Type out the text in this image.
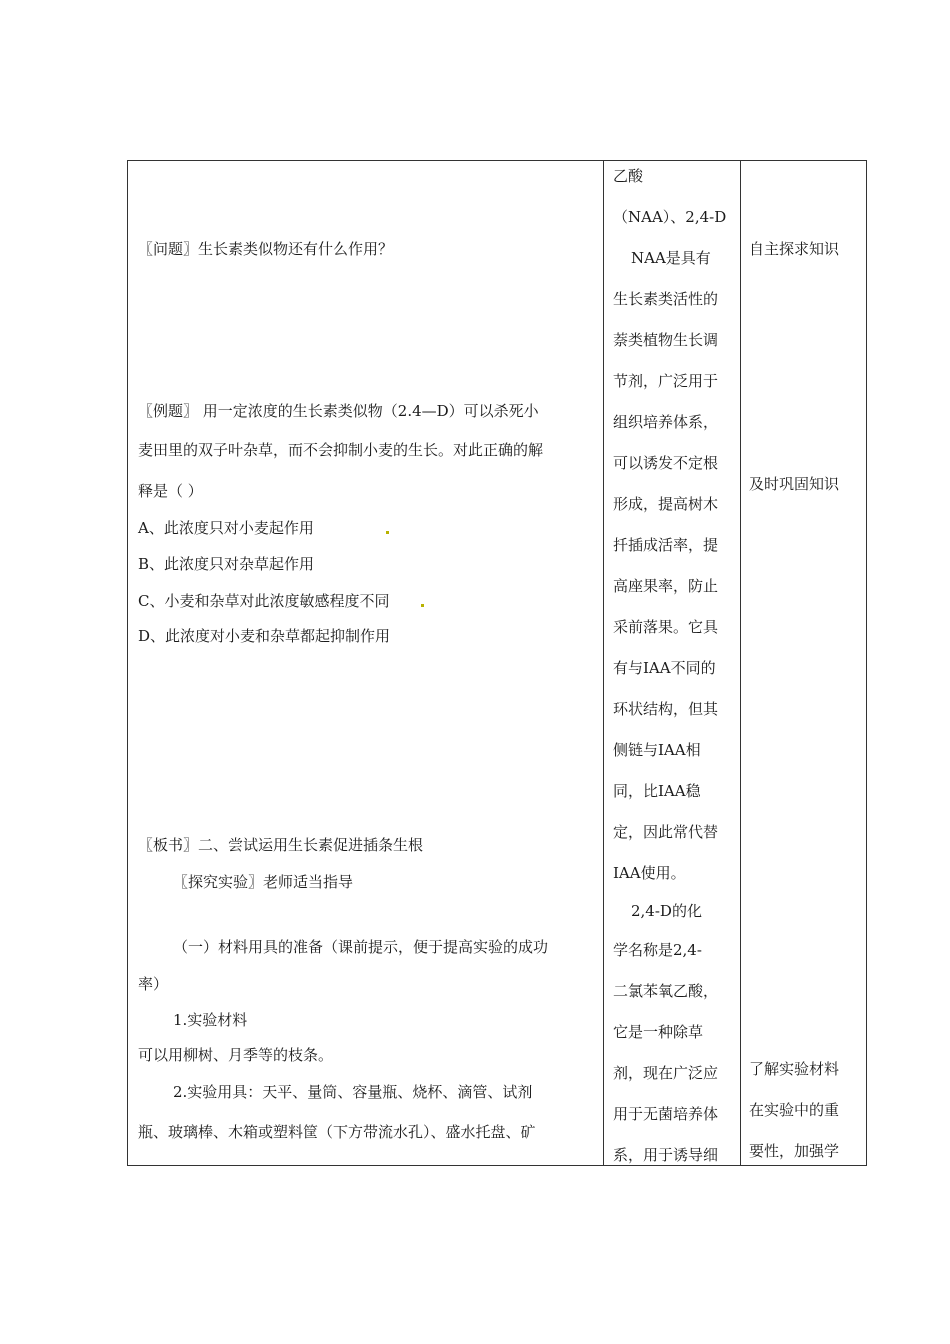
〖问题〗生长素类似物还有什么作用？
〖例题〗 用一定浓度的生长素类似物（2.4—D）可以杀死小
麦田里的双子叶杂草，而不会抑制小麦的生长。对此正确的解
释是（ ）
A、此浓度只对小麦起作用
B、此浓度只对杂草起作用
C、小麦和杂草对此浓度敏感程度不同
D、此浓度对小麦和杂草都起抑制作用
〖板书〗二、尝试运用生长素促进插条生根
〖探究实验〗老师适当指导
（一）材料用具的准备（课前提示，便于提高实验的成功
率）
1.实验材料
可以用柳树、月季等的枝条。
2.实验用具：天平、量筒、容量瓶、烧杯、滴管、试剂
瓶、玻璃棒、木箱或塑料筐（下方带流水孔）、盛水托盘、矿
乙酸
（NAA）、2,4-D
NAA是具有
生长素类活性的
萘类植物生长调
节剂，广泛用于
组织培养体系，
可以诱发不定根
形成，提高树木
扦插成活率，提
高座果率，防止
采前落果。它具
有与IAA不同的
环状结构，但其
侧链与IAA相
同，比IAA稳
定，因此常代替
IAA使用。
2,4-D的化
学名称是2,4-
二氯苯氧乙酸，
它是一种除草
剂，现在广泛应
用于无菌培养体
系，用于诱导细
自主探求知识
及时巩固知识
了解实验材料
在实验中的重
要性，加强学
